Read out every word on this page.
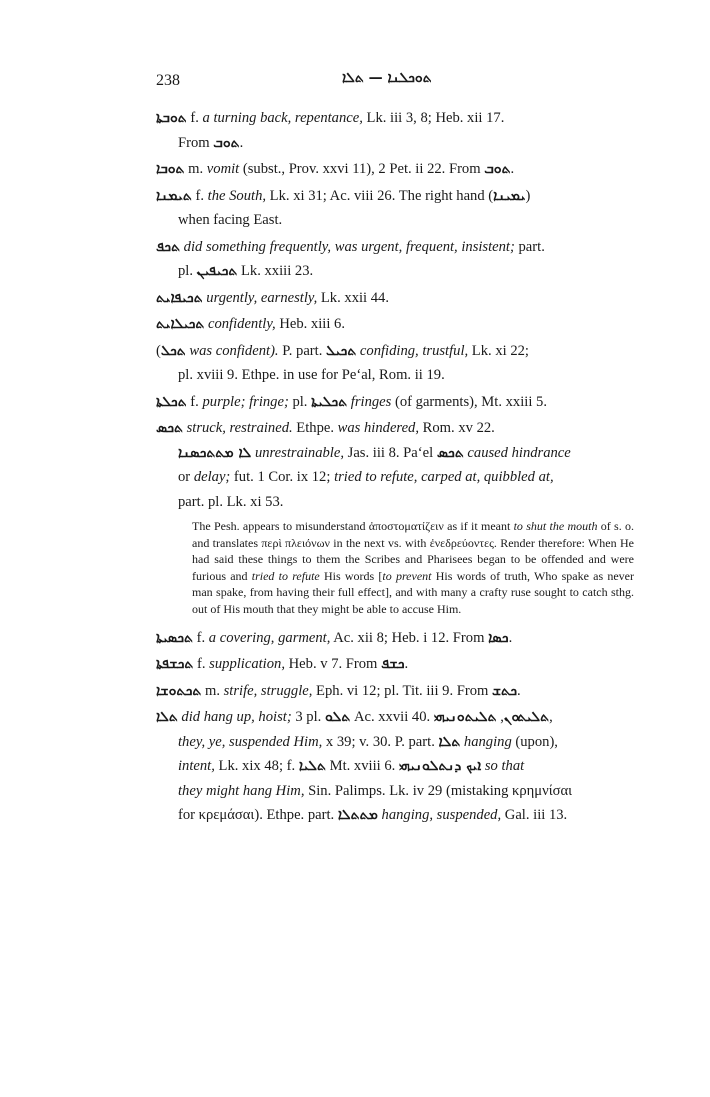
238	ܬܘܟܠܢܐ — ܬܠܐ

ܬܘܒܬܐ f. a turning back, repentance, Lk. iii 3, 8; Heb. xii 17.
From ܬܘܒ.

ܬܘܒܐ m. vomit (subst., Prov. xxvi 11), 2 Pet. ii 22. From ܬܘܒ.

ܬܝܡܢܐ f. the South, Lk. xi 31; Ac. viii 26. The right hand (ܝܡܝܢܐ)
when facing East.

ܬܟܦ did something frequently, was urgent, frequent, insistent; part.
pl. ܬܟܝܦܝܢ Lk. xxiii 23.

ܬܟܝܦܐܝܬ urgently, earnestly, Lk. xxii 44.

ܬܟܝܠܐܝܬ confidently, Heb. xiii 6.

(ܬܟܠ was confident). P. part. ܬܟܝܠ confiding, trustful, Lk. xi 22;
pl. xviii 9. Ethpe. in use for Pe‘al, Rom. ii 19.

ܬܟܠܬܐ f. purple; fringe; pl. ܬܟܠܝܬܐ fringes (of garments), Mt. xxiii 5.

ܬܟܣ struck, restrained. Ethpe. was hindered, Rom. xv 22.
ܠܐ ܡܬܬܟܣܢܐ unrestrainable, Jas. iii 8. Pa‘el ܬܟܣ caused hindrance
or delay; fut. 1 Cor. ix 12; tried to refute, carped at, quibbled at,
part. pl. Lk. xi 53.

The Pesh. appears to misunderstand ἀποστοματίζειν as if it meant to shut the mouth of s. o. and translates περὶ πλειόνων in the next vs. with ἐνεδρεύοντες. Render therefore: When He had said these things to them the Scribes and Pharisees began to be offended and were furious and tried to refute His words [to prevent His words of truth, Who spake as never man spake, from having their full effect], and with many a crafty ruse sought to catch sthg. out of His mouth that they might be able to accuse Him.

ܬܟܣܝܬܐ f. a covering, garment, Ac. xii 8; Heb. i 12. From ܟܣܐ.

ܬܟܫܦܬܐ f. supplication, Heb. v 7. From ܟܫܦ.

ܬܟܬܘܫܐ m. strife, struggle, Eph. vi 12; pl. Tit. iii 9. From ܟܬܫ.

ܬܠܐ did hang up, hoist; 3 pl. ܬܠܘ Ac. xxvii 40.	ܬܠܝܬܘܢ, ܬܠܝܬܘܢܝܗܝ	,
they, ye, suspended Him, x 39; v. 30. P. part. ܬܠܐ hanging (upon),
intent, Lk. xix 48; f. ܬܠܝܐ Mt. xviii 6. ܐܝܟ ܕܢܬܠܘܢܝܗܝ so that
they might hang Him, Sin. Palimps. Lk. iv 29 (mistaking κρημνίσαι
for κρεμάσαι). Ethpe. part. ܡܬܬܠܐ hanging, suspended, Gal. iii 13.
